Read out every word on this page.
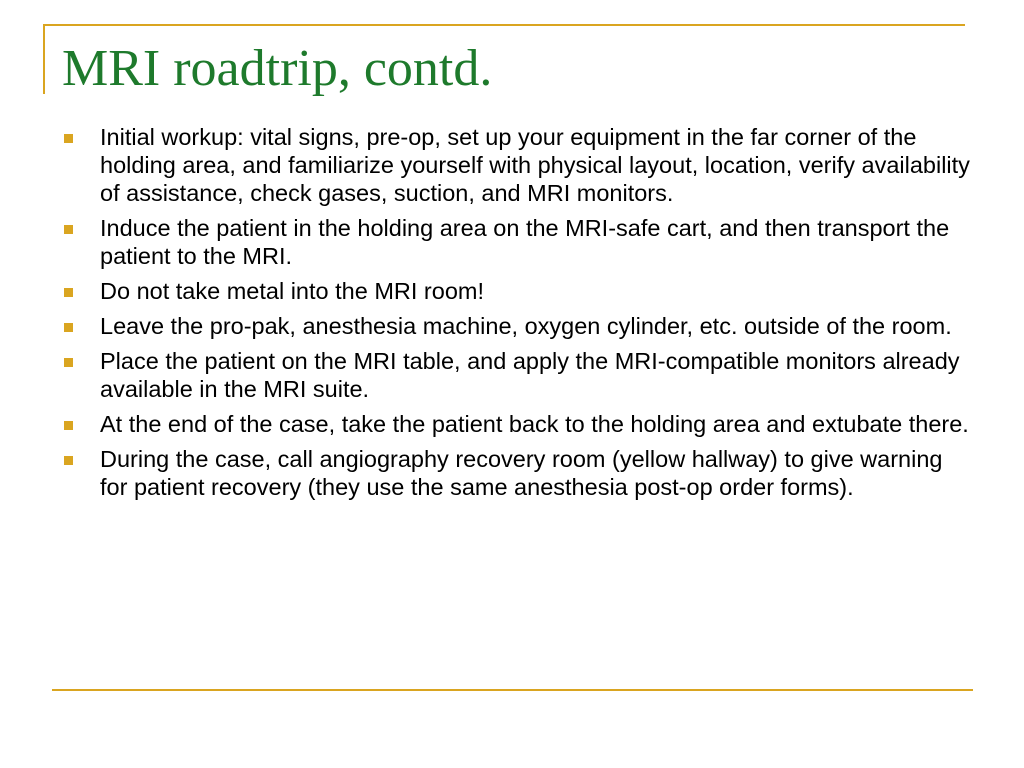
MRI roadtrip, contd.
Initial workup: vital signs, pre-op, set up your equipment in the far corner of the holding area, and familiarize yourself with physical layout, location, verify availability of assistance, check gases, suction, and MRI monitors.
Induce the patient in the holding area on the MRI-safe cart, and then transport the patient to the MRI.
Do not take metal into the MRI room!
Leave the pro-pak, anesthesia machine, oxygen cylinder, etc. outside of the room.
Place the patient on the MRI table, and apply the MRI-compatible monitors already available in the MRI suite.
At the end of the case, take the patient back to the holding area and extubate there.
During the case, call angiography recovery room (yellow hallway) to give warning for patient recovery (they use the same anesthesia post-op order forms).
